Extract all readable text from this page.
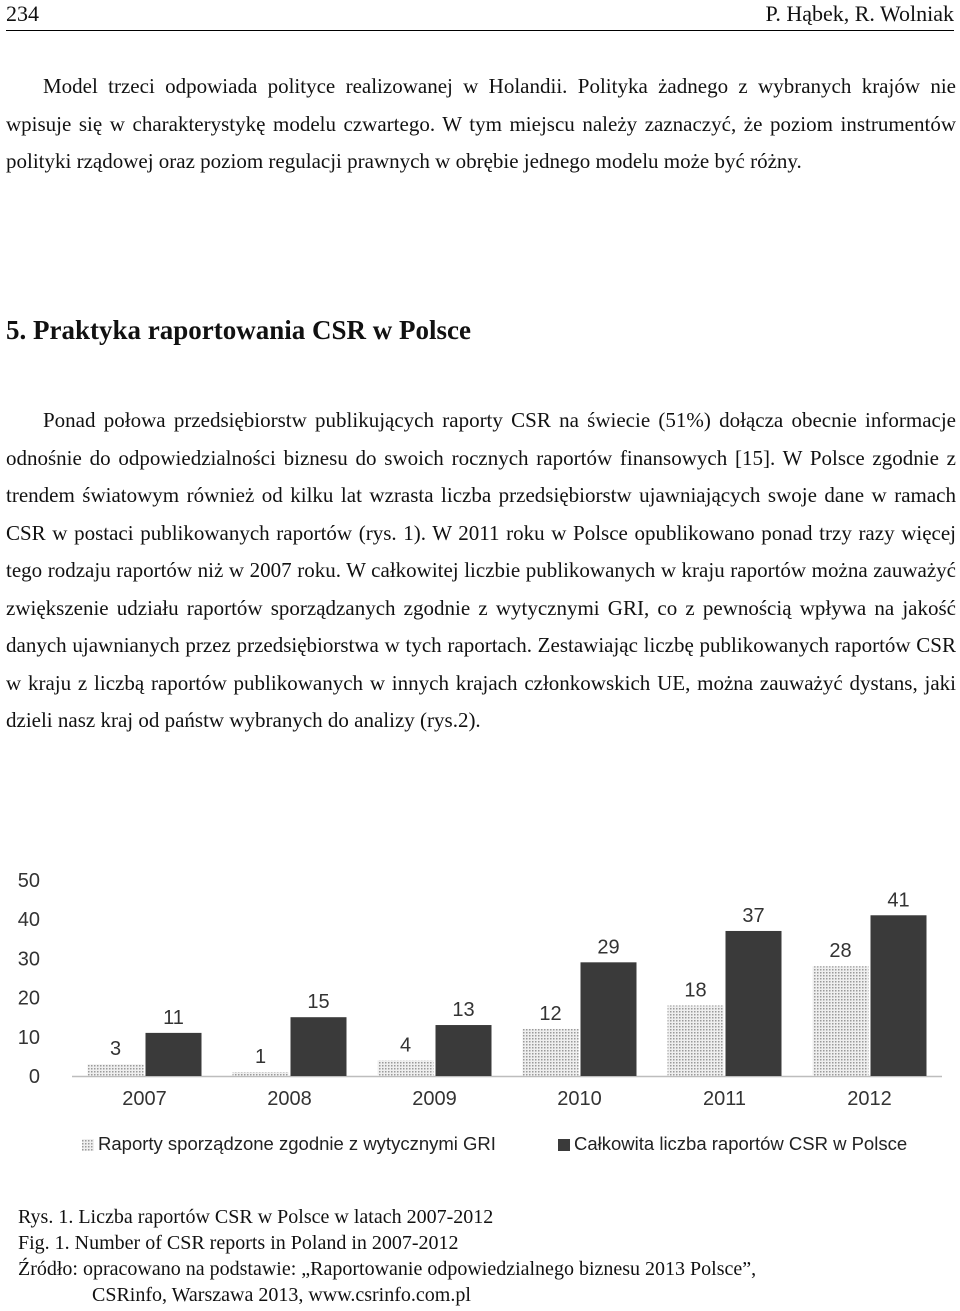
234	P. Hąbek, R. Wolniak

Model trzeci odpowiada polityce realizowanej w Holandii. Polityka żadnego z wybranych krajów nie wpisuje się w charakterystykę modelu czwartego. W tym miejscu należy zaznaczyć, że poziom instrumentów polityki rządowej oraz poziom regulacji prawnych w obrębie jednego modelu może być różny.

5. Praktyka raportowania CSR w Polsce

Ponad połowa przedsiębiorstw publikujących raporty CSR na świecie (51%) dołącza obecnie informacje odnośnie do odpowiedzialności biznesu do swoich rocznych raportów finansowych [15]. W Polsce zgodnie z trendem światowym również od kilku lat wzrasta liczba przedsiębiorstw ujawniających swoje dane w ramach CSR w postaci publikowanych raportów (rys. 1). W 2011 roku w Polsce opublikowano ponad trzy razy więcej tego rodzaju raportów niż w 2007 roku. W całkowitej liczbie publikowanych w kraju raportów można zauważyć zwiększenie udziału raportów sporządzanych zgodnie z wytycznymi GRI, co z pewnością wpływa na jakość danych ujawnianych przez przedsiębiorstwa w tych raportach. Zestawiając liczbę publikowanych raportów CSR w kraju z liczbą raportów publikowanych w innych krajach członkowskich UE, można zauważyć dystans, jaki dzieli nasz kraj od państw wybranych do analizy (rys.2).

0
10
20
30
40
50
3
11
2007
1
15
2008
4
13
2009
12
29
2010
18
37
2011
28
41
2012
Raporty sporządzone zgodnie z wytycznymi GRI	Całkowita liczba raportów CSR w Polsce
Rys. 1. Liczba raportów CSR w Polsce w latach 2007-2012
Fig. 1. Number of CSR reports in Poland in 2007-2012
Źródło: opracowano na podstawie: „Raportowanie odpowiedzialnego biznesu 2013 Polsce”,
CSRinfo, Warszawa 2013, www.csrinfo.com.pl
